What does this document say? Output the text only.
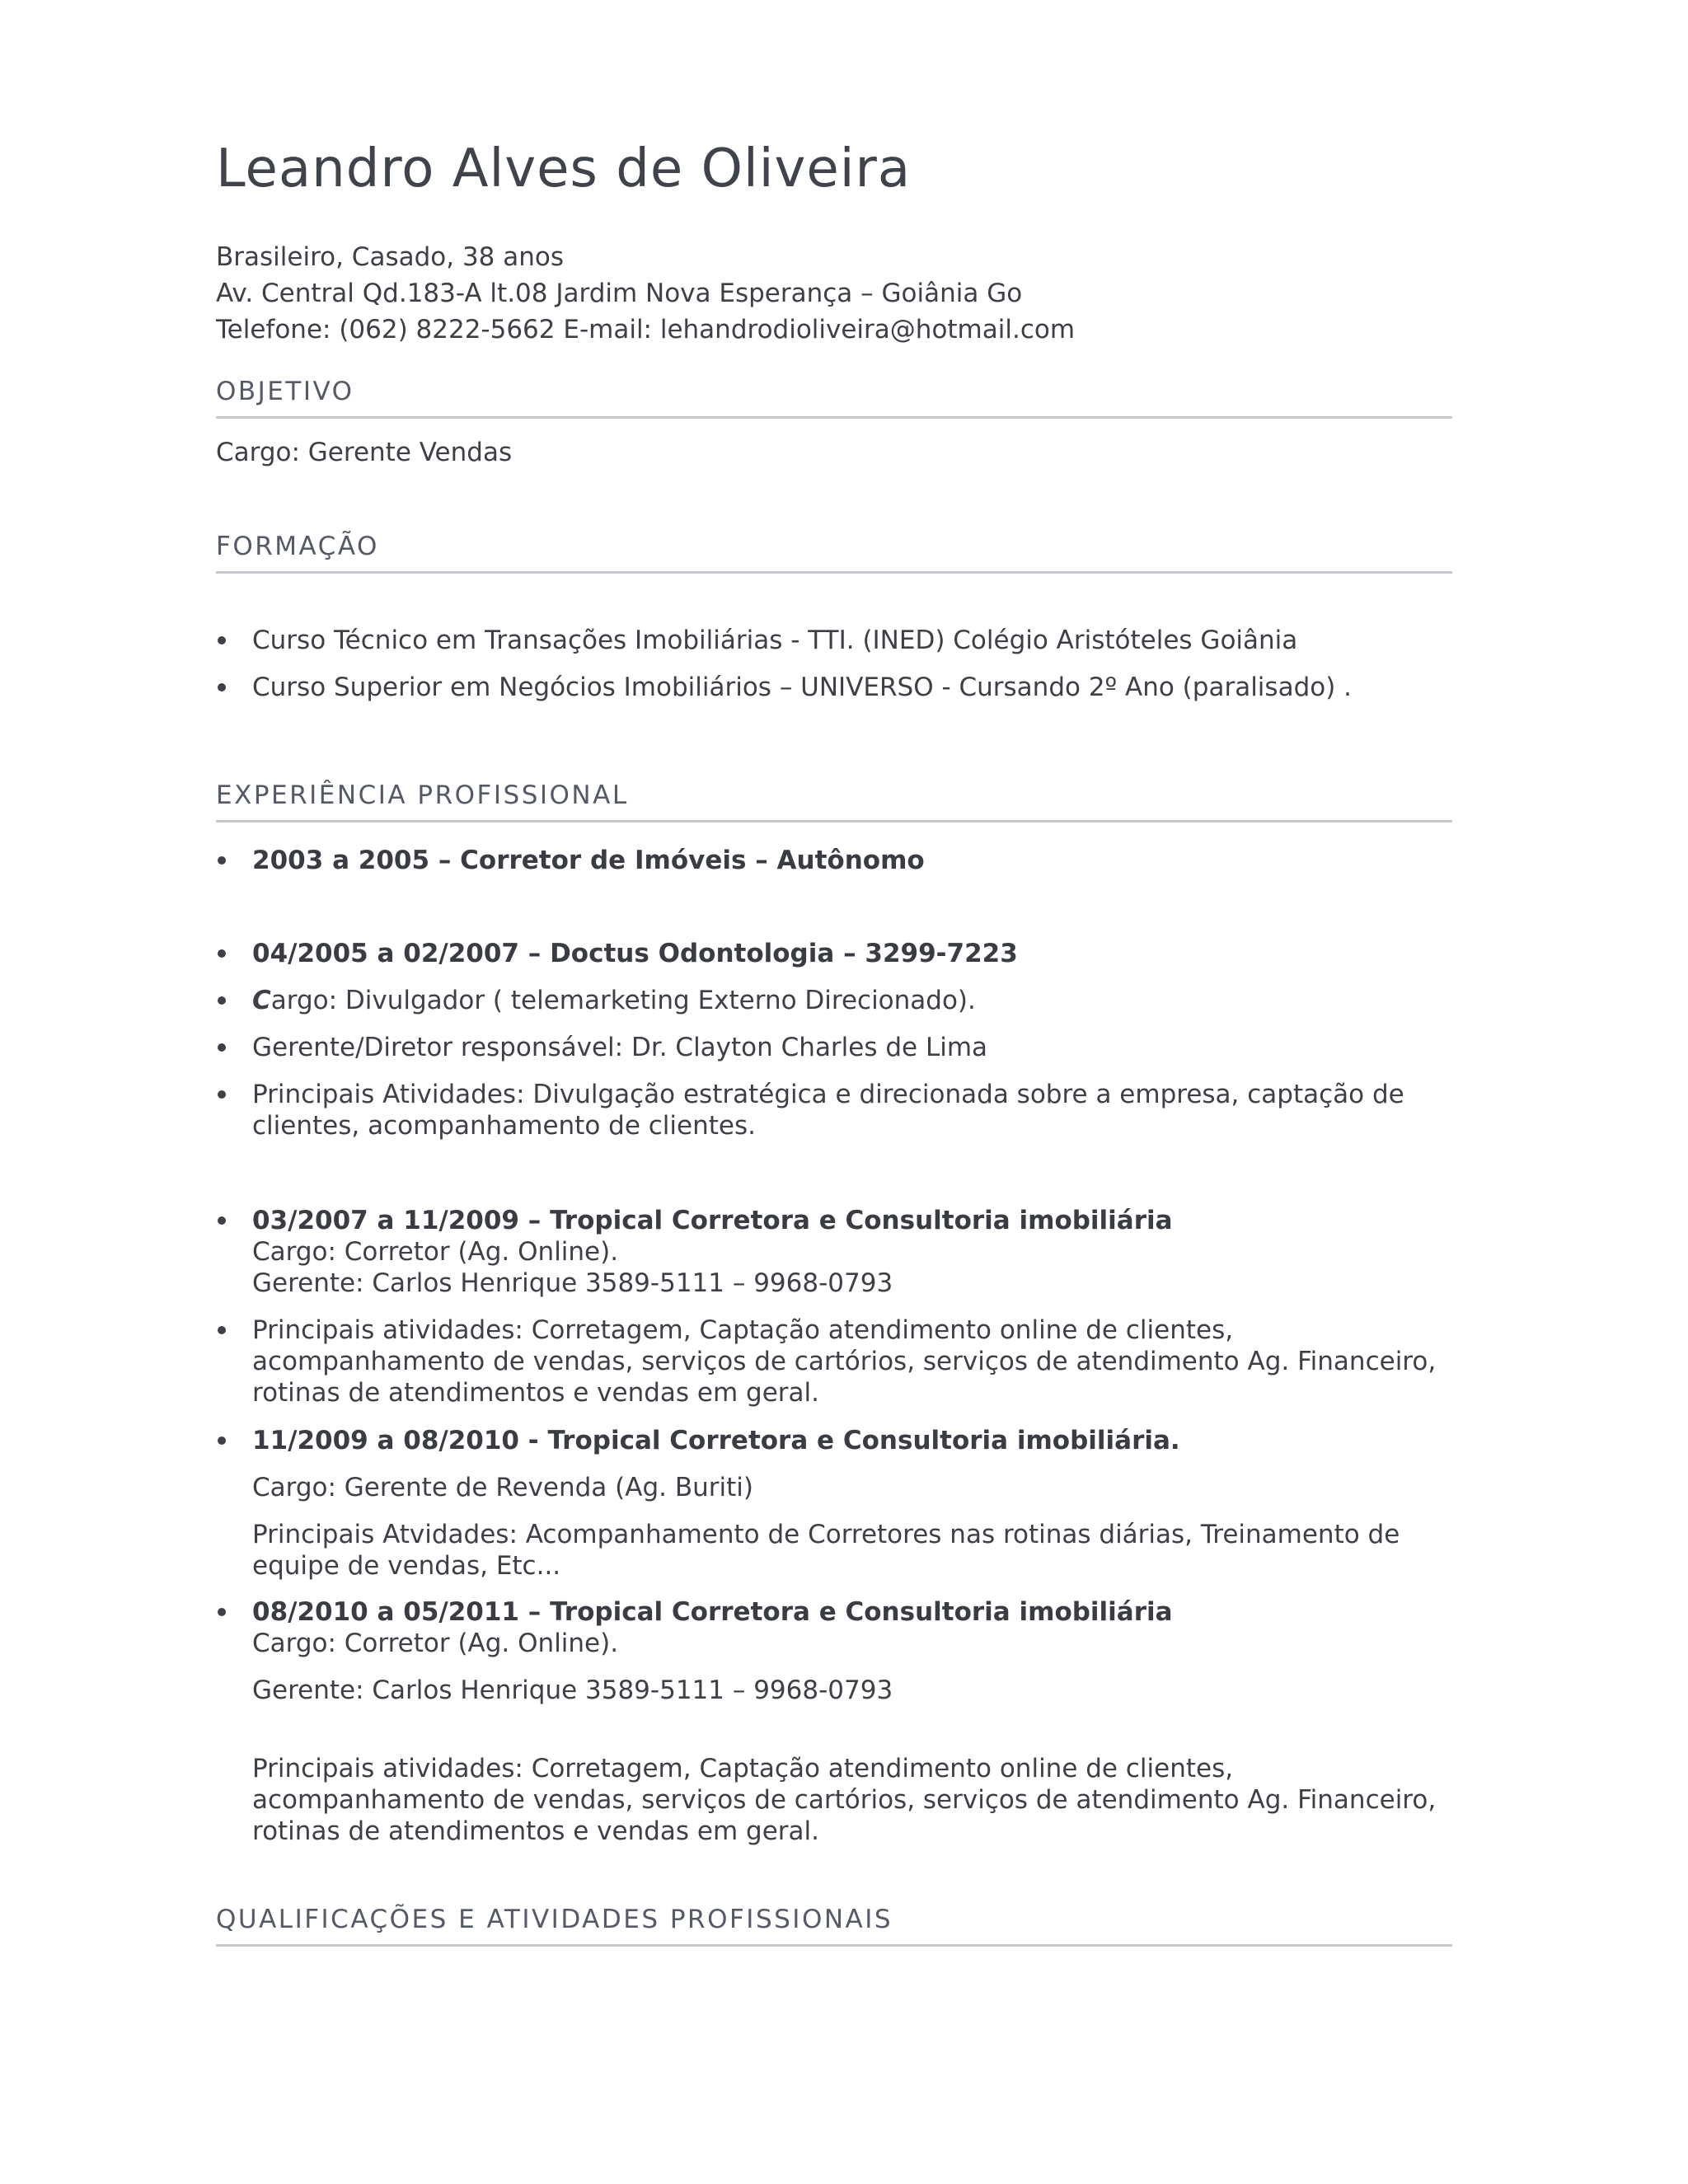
Leandro Alves de Oliveira
Brasileiro, Casado, 38 anos
Av. Central Qd.183-A lt.08 Jardim Nova Esperança – Goiânia Go
Telefone: (062) 8222-5662 E-mail: lehandrodioliveira@hotmail.com
OBJETIVO
Cargo: Gerente Vendas
FORMAÇÃO
Curso Técnico em Transações Imobiliárias - TTI. (INED) Colégio Aristóteles Goiânia
Curso Superior em Negócios Imobiliários – UNIVERSO - Cursando 2º Ano (paralisado) .
EXPERIÊNCIA PROFISSIONAL
2003 a 2005 – Corretor de Imóveis – Autônomo
04/2005 a 02/2007 – Doctus Odontologia – 3299-7223
Cargo: Divulgador ( telemarketing Externo Direcionado).
Gerente/Diretor responsável: Dr. Clayton Charles de Lima
Principais Atividades: Divulgação estratégica e direcionada sobre a empresa, captação de
clientes, acompanhamento de clientes.
03/2007 a 11/2009 – Tropical Corretora e Consultoria imobiliária
Cargo: Corretor (Ag. Online).
Gerente: Carlos Henrique 3589-5111 – 9968-0793
Principais atividades: Corretagem, Captação atendimento online de clientes,
acompanhamento de vendas, serviços de cartórios, serviços de atendimento Ag. Financeiro,
rotinas de atendimentos e vendas em geral.
11/2009 a 08/2010 - Tropical Corretora e Consultoria imobiliária.
Cargo: Gerente de Revenda (Ag. Buriti)
Principais Atvidades: Acompanhamento de Corretores nas rotinas diárias, Treinamento de
equipe de vendas, Etc...
08/2010 a 05/2011 – Tropical Corretora e Consultoria imobiliária
Cargo: Corretor (Ag. Online).
Gerente: Carlos Henrique 3589-5111 – 9968-0793
Principais atividades: Corretagem, Captação atendimento online de clientes,
acompanhamento de vendas, serviços de cartórios, serviços de atendimento Ag. Financeiro,
rotinas de atendimentos e vendas em geral.
QUALIFICAÇÕES E ATIVIDADES PROFISSIONAIS
